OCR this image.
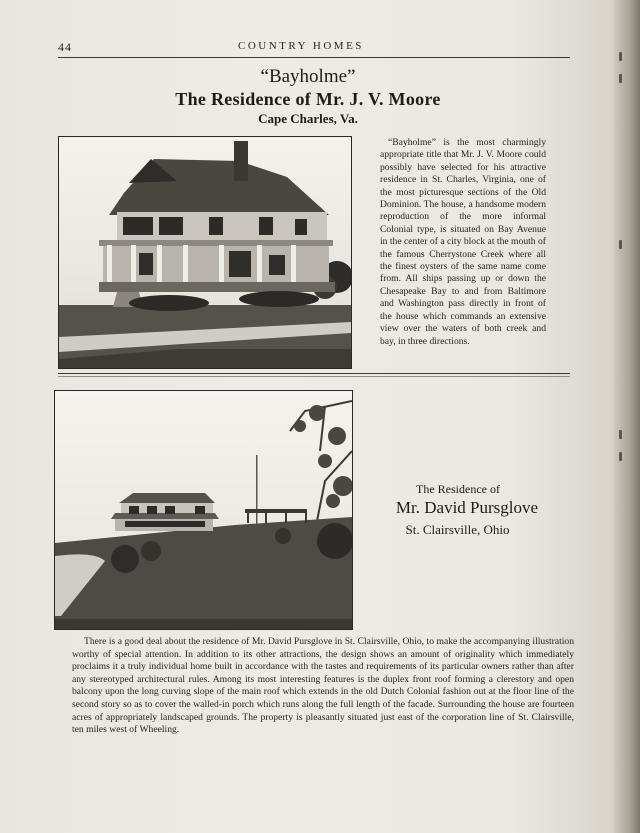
44	COUNTRY HOMES
“Bayholme”
The Residence of Mr. J. V. Moore
Cape Charles, Va.
“Bayholme” is the most charmingly appropriate title that Mr. J. V. Moore could possibly have selected for his attractive residence in St. Charles, Virginia, one of the most picturesque sections of the Old Dominion. The house, a handsome modern reproduction of the more informal Colonial type, is situated on Bay Avenue in the center of a city block at the mouth of the famous Cherrystone Creek where all the finest oysters of the same name come from. All ships passing up or down the Chesapeake Bay to and from Baltimore and Washington pass directly in front of the house which commands an extensive view over the waters of both creek and bay, in three directions.
The Residence of
Mr. David Pursglove
St. Clairsville, Ohio
There is a good deal about the residence of Mr. David Pursglove in St. Clairsville, Ohio, to make the accompanying illustration worthy of special attention. In addition to its other attractions, the design shows an amount of originality which immediately proclaims it a truly individual home built in accordance with the tastes and requirements of its particular owners rather than after any stereotyped architectural rules. Among its most interesting features is the duplex front roof forming a clerestory and open balcony upon the long curving slope of the main roof which extends in the old Dutch Colonial fashion out at the floor line of the second story so as to cover the walled-in porch which runs along the full length of the facade. Surrounding the house are fourteen acres of appropriately landscaped grounds. The property is pleasantly situated just east of the corporation line of St. Clairsville, ten miles west of Wheeling.
